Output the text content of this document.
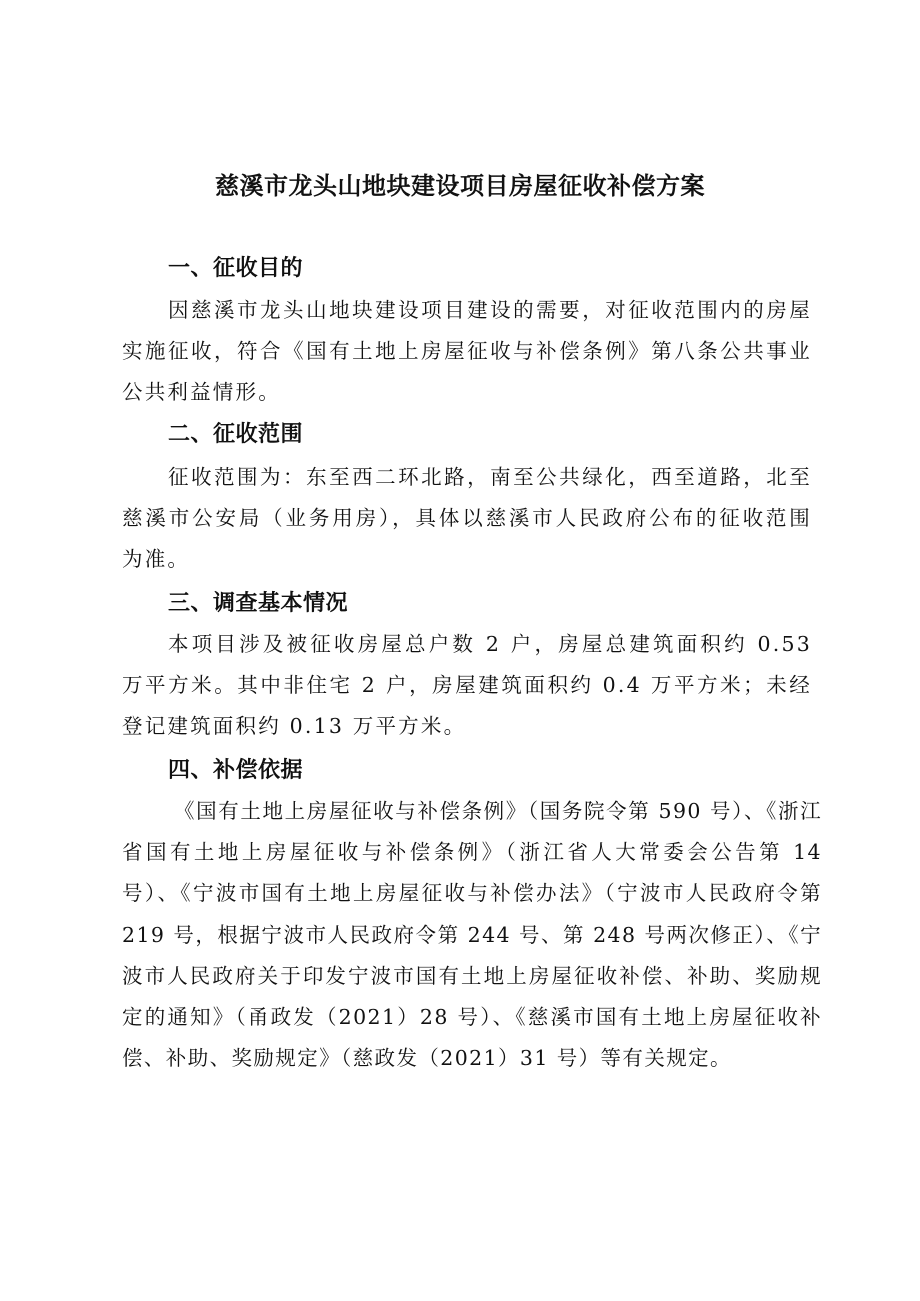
慈溪市龙头山地块建设项目房屋征收补偿方案
一、征收目的

因慈溪市龙头山地块建设项目建设的需要，对征收范围内的房屋实施征收，符合《国有土地上房屋征收与补偿条例》第八条公共事业公共利益情形。

二、征收范围

征收范围为：东至西二环北路，南至公共绿化，西至道路，北至慈溪市公安局（业务用房），具体以慈溪市人民政府公布的征收范围为准。

三、调查基本情况

本项目涉及被征收房屋总户数 2 户，房屋总建筑面积约 0.53 万平方米。其中非住宅 2 户，房屋建筑面积约 0.4 万平方米；未经登记建筑面积约 0.13 万平方米。

四、补偿依据

《国有土地上房屋征收与补偿条例》（国务院令第 590 号）、《浙江省国有土地上房屋征收与补偿条例》（浙江省人大常委会公告第 14 号）、《宁波市国有土地上房屋征收与补偿办法》（宁波市人民政府令第 219 号，根据宁波市人民政府令第 244 号、第 248 号两次修正）、《宁波市人民政府关于印发宁波市国有土地上房屋征收补偿、补助、奖励规定的通知》（甬政发（2021）28 号）、《慈溪市国有土地上房屋征收补偿、补助、奖励规定》（慈政发（2021）31 号）等有关规定。
